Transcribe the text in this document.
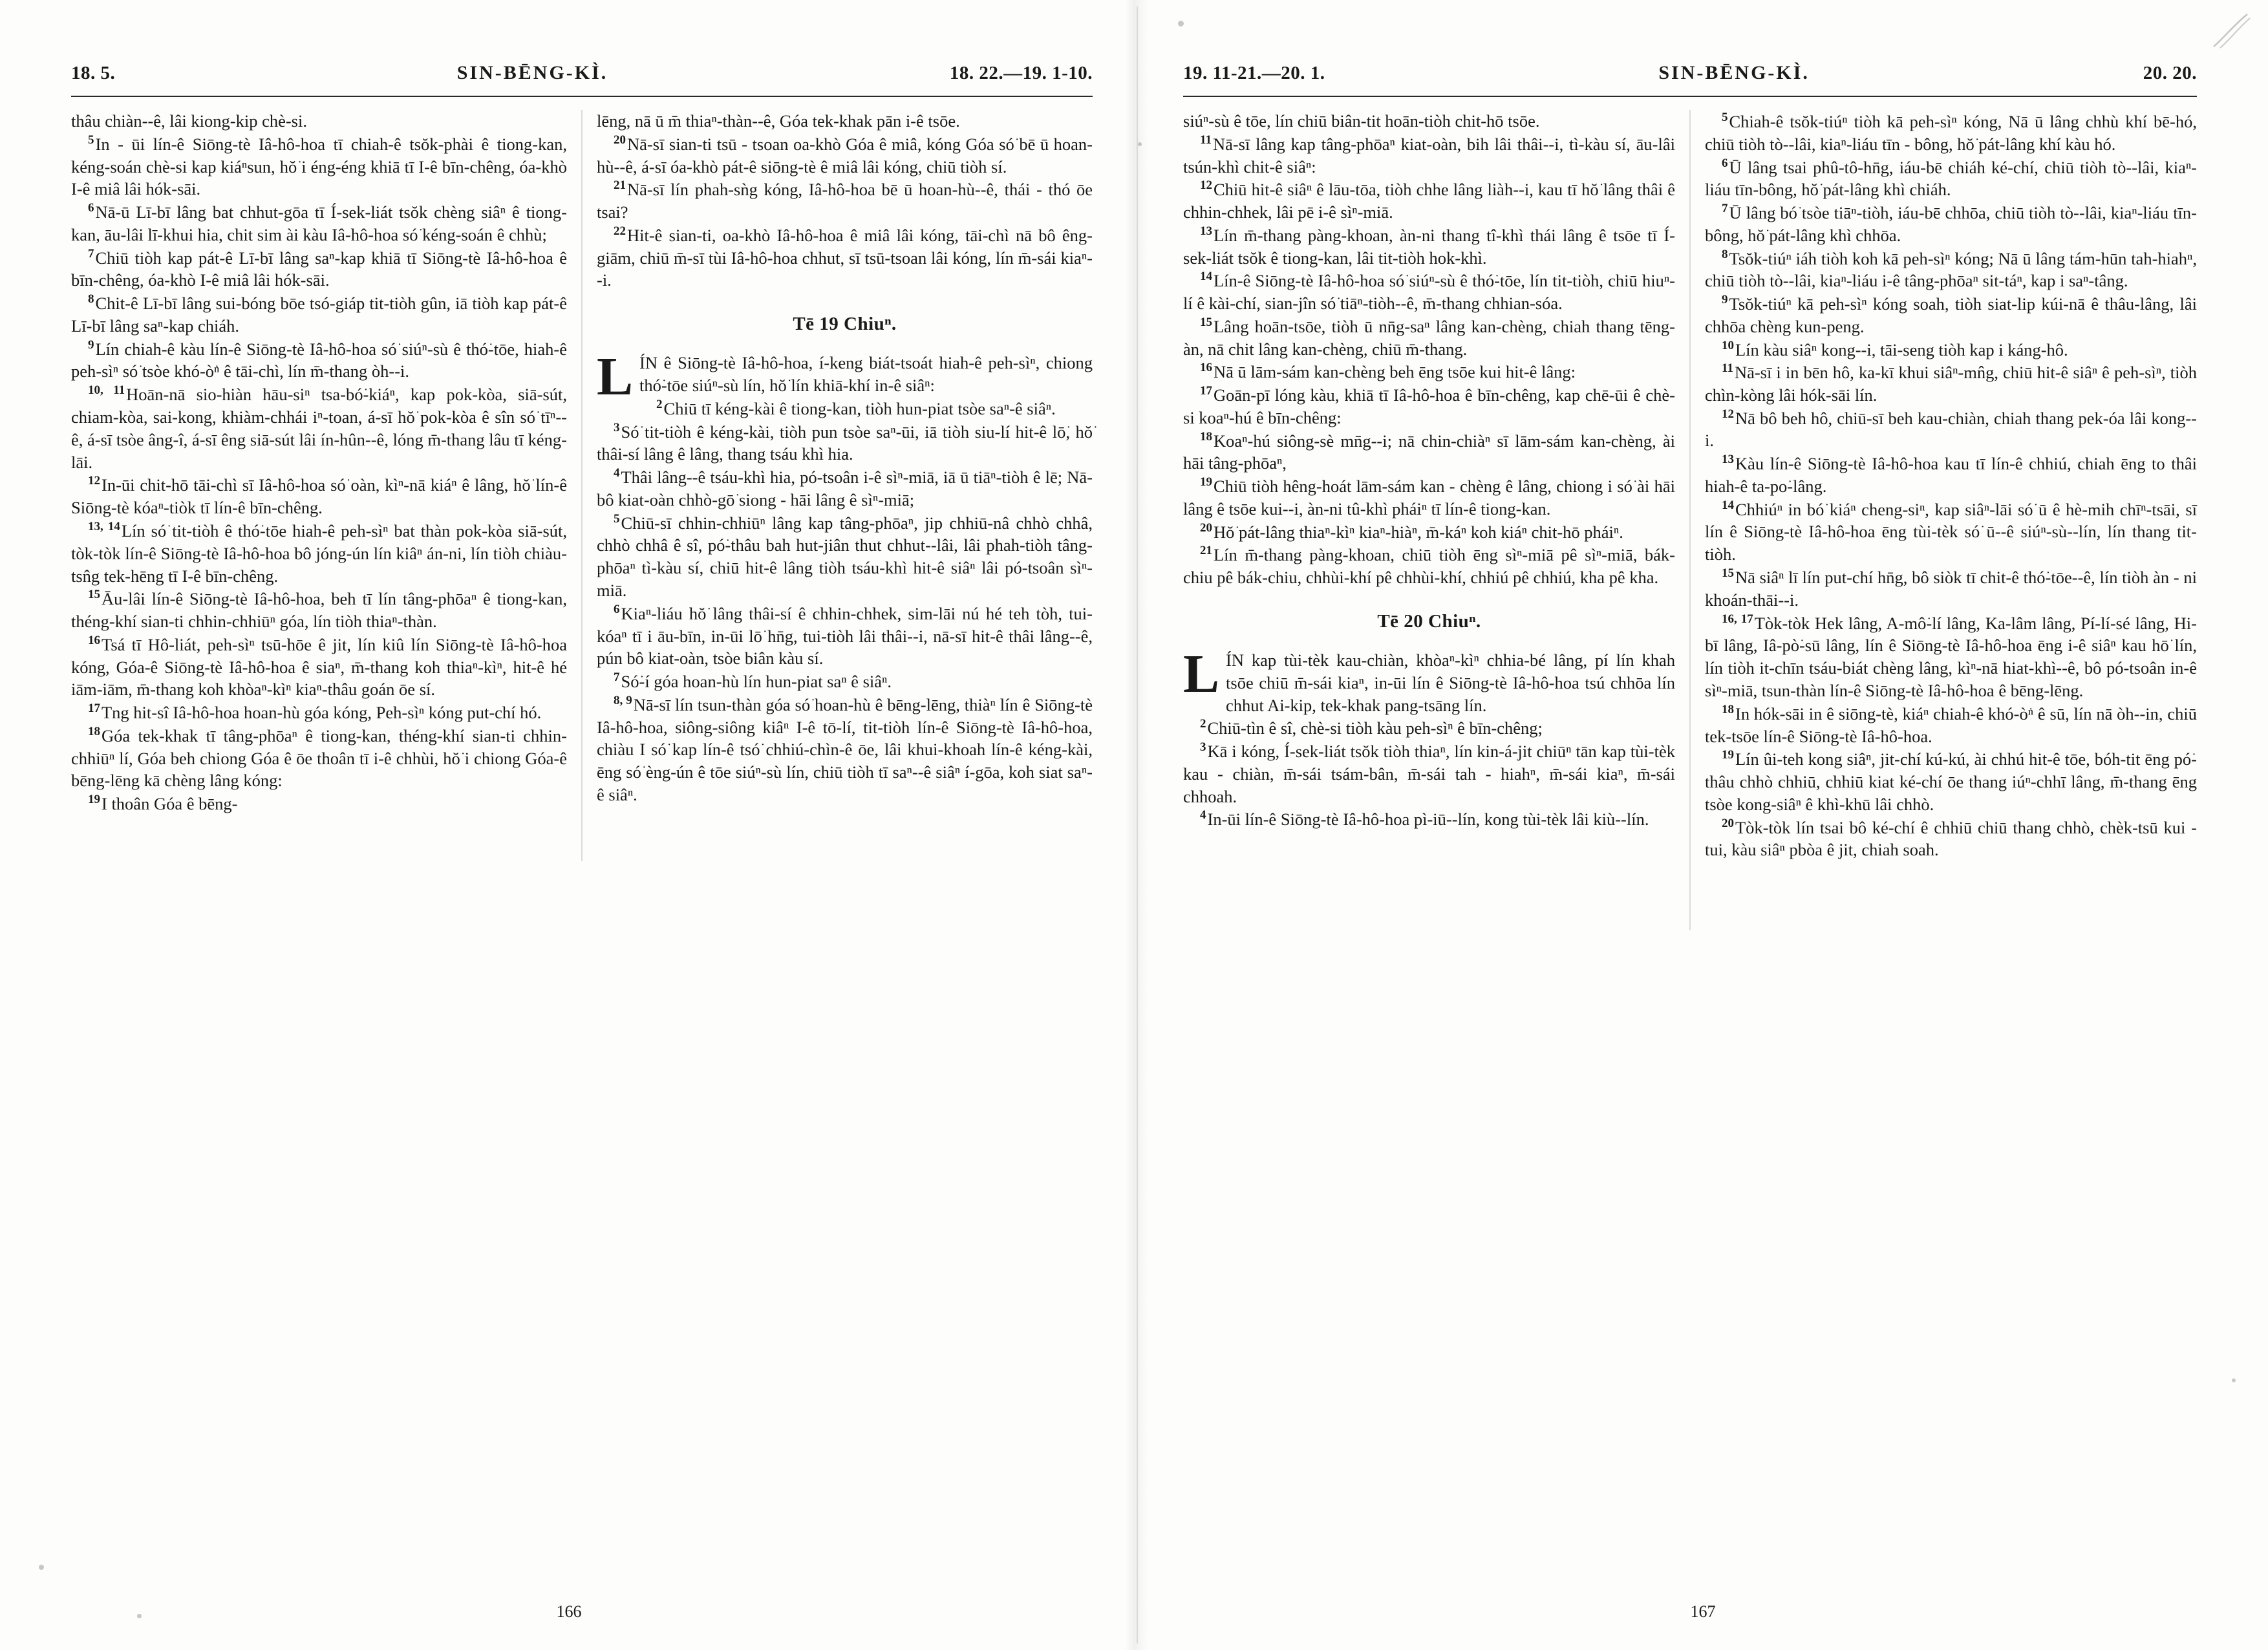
18. 5.	SIN-BĒNG-KÌ.	18. 22.—19. 1-10.

thâu chiàn--ê, lâi kiong-kip chè-si.

$^5$In - ūi lín-ê Siōng-tè Iâ-hô-hoa tī chiah-ê tsŏk-phài ê tiong-kan, kéng-soán chè-si kap kiáⁿsun, hŏ͘ i éng-éng khiā tī I-ê bīn-chêng, óa-khò I-ê miâ lâi hók-sāi.

$^6$Nā-ū Lī-bī lâng bat chhut-gōa tī Í-sek-liát tsŏk chèng siâⁿ ê tiong-kan, āu-lâi lī-khui hia, chit sim ài kàu Iâ-hô-hoa só͘ kéng-soán ê chhù;

$^7$Chiū tiòh kap pát-ê Lī-bī lâng saⁿ-kap khiā tī Siōng-tè Iâ-hô-hoa ê bīn-chêng, óa-khò I-ê miâ lâi hók-sāi.

$^8$Chit-ê Lī-bī lâng sui-bóng bōe tsó-giáp tit-tiòh gûn, iā tiòh kap pát-ê Lī-bī lâng saⁿ-kap chiáh.

$^9$Lín chiah-ê kàu lín-ê Siōng-tè Iâ-hô-hoa só͘ siúⁿ-sù ê thó͘-tōe, hiah-ê peh-sìⁿ só͘ tsòe khó-ò͘ⁿ ê tāi-chì, lín m̄-thang òh--i.

$^{10, 11}$Hoān-nā sio-hiàn hāu-siⁿ tsa-bó͘-kiáⁿ, kap pok-kòa, siā-sút, chiam-kòa, sai-kong, khiàm-chhái iⁿ-toan, á-sī hŏ͘ pok-kòa ê sîn só͘ tīⁿ--ê, á-sī tsòe âng-î, á-sī êng siā-sút lâi ín-hûn--ê, lóng m̄-thang lâu tī kéng-lāi.

$^{12}$In-ūi chit-hō tāi-chì sī Iâ-hô-hoa só͘ oàn, kìⁿ-nā kiáⁿ ê lâng, hŏ͘ lín-ê Siōng-tè kóaⁿ-tiòk tī lín-ê bīn-chêng.

$^{13, 14}$Lín só͘ tit-tiòh ê thó͘-tōe hiah-ê peh-sìⁿ bat thàn pok-kòa siā-sút, tòk-tòk lín-ê Siōng-tè Iâ-hô-hoa bô jóng-ún lín kiâⁿ án-ni, lín tiòh chiàu-tsn̂g tek-hēng tī I-ê bīn-chêng.

$^{15}$Āu-lâi lín-ê Siōng-tè Iâ-hô-hoa, beh tī lín tâng-phōaⁿ ê tiong-kan, théng-khí sian-ti chhin-chhiūⁿ góa, lín tiòh thiaⁿ-thàn.

$^{16}$Tsá tī Hô-liát, peh-sìⁿ tsū-hōe ê jit, lín kiû lín Siōng-tè Iâ-hô-hoa kóng, Góa-ê Siōng-tè Iâ-hô-hoa ê siaⁿ, m̄-thang koh thiaⁿ-kìⁿ, hit-ê hé iām-iām, m̄-thang koh khòaⁿ-kìⁿ kiaⁿ-thâu goán ōe sí.

$^{17}$Tng hit-sî Iâ-hô-hoa hoan-hù góa kóng, Peh-sìⁿ kóng put-chí hó.

$^{18}$Góa tek-khak tī tâng-phōaⁿ ê tiong-kan, théng-khí sian-ti chhin-chhiūⁿ lí, Góa beh chiong Góa ê ōe thoân tī i-ê chhùi, hŏ͘ i chiong Góa-ê bēng-lēng kā chèng lâng kóng:

$^{19}$I thoân Góa ê bēng-

lēng, nā ū m̄ thiaⁿ-thàn--ê, Góa tek-khak pān i-ê tsōe.

$^{20}$Nā-sī sian-ti tsū - tsoan oa-khò Góa ê miâ, kóng Góa só͘ bē ū hoan-hù--ê, á-sī óa-khò pát-ê siōng-tè ê miâ lâi kóng, chiū tiòh sí.

$^{21}$Nā-sī lín phah-sǹg kóng, Iâ-hô-hoa bē ū hoan-hù--ê, thái - thó ōe tsai?

$^{22}$Hit-ê sian-ti, oa-khò Iâ-hô-hoa ê miâ lâi kóng, tāi-chì nā bô êng-giām, chiū m̄-sī tùi Iâ-hô-hoa chhut, sī tsū-tsoan lâi kóng, lín m̄-sái kiaⁿ--i.

Tē 19 Chiuⁿ.

LÍN ê Siōng-tè Iâ-hô-hoa, í-keng biát-tsoát hiah-ê peh-sìⁿ, chiong thó͘-tōe siúⁿ-sù lín, hŏ͘ lín khiā-khí in-ê siâⁿ:

$^2$Chiū tī kéng-kài ê tiong-kan, tiòh hun-piat tsòe saⁿ-ê siâⁿ.

$^3$Só͘ tit-tiòh ê kéng-kài, tiòh pun tsòe saⁿ-ūi, iā tiòh siu-lí hit-ê lō͘, hŏ͘ thâi-sí lâng ê lâng, thang tsáu khì hia.

$^4$Thâi lâng--ê tsáu-khì hia, pó-tsoân i-ê sìⁿ-miā, iā ū tiāⁿ-tiòh ê lē; Nā-bô kiat-oàn chhò-gō͘ siong - hāi lâng ê sìⁿ-miā;

$^5$Chiū-sī chhin-chhiūⁿ lâng kap tâng-phōaⁿ, jip chhiū-nâ chhò chhâ, chhò chhâ ê sî, pó͘-thâu bah hut-jiân thut chhut--lâi, lâi phah-tiòh tâng-phōaⁿ tì-kàu sí, chiū hit-ê lâng tiòh tsáu-khì hit-ê siâⁿ lâi pó-tsoân sìⁿ-miā.

$^6$Kiaⁿ-liáu hŏ͘ lâng thâi-sí ê chhin-chhek, sim-lāi nú hé teh tòh, tui-kóaⁿ tī i āu-bīn, in-ūi lō͘ hn̄g, tui-tiòh lâi thâi--i, nā-sī hit-ê thâi lâng--ê, pún bô kiat-oàn, tsòe biân kàu sí.

$^7$Só͘-í góa hoan-hù lín hun-piat saⁿ ê siâⁿ.

$^{8, 9}$Nā-sī lín tsun-thàn góa só͘ hoan-hù ê bēng-lēng, thiàⁿ lín ê Siōng-tè Iâ-hô-hoa, siông-siông kiâⁿ I-ê tō-lí, tit-tiòh lín-ê Siōng-tè Iâ-hô-hoa, chiàu I só͘ kap lín-ê tsó͘ chhiú-chìn-ê ōe, lâi khui-khoah lín-ê kéng-kài, ēng só͘ èng-ún ê tōe siúⁿ-sù lín, chiū tiòh tī saⁿ--ê siâⁿ í-gōa, koh siat saⁿ-ê siâⁿ.

166
19. 11-21.—20. 1.	SIN-BĒNG-KÌ.	20. 20.

siúⁿ-sù ê tōe, lín chiū biân-tit hoān-tiòh chit-hō tsōe.

$^{11}$Nā-sī lâng kap tâng-phōaⁿ kiat-oàn, bih lâi thâi--i, tì-kàu sí, āu-lâi tsún-khì chit-ê siâⁿ:

$^{12}$Chiū hit-ê siâⁿ ê lāu-tōa, tiòh chhe lâng liàh--i, kau tī hŏ͘ lâng thâi ê chhin-chhek, lâi pē i-ê sìⁿ-miā.

$^{13}$Lín m̄-thang pàng-khoan, àn-ni thang tî-khì thái lâng ê tsōe tī Í-sek-liát tsŏk ê tiong-kan, lâi tit-tiòh hok-khì.

$^{14}$Lín-ê Siōng-tè Iâ-hô-hoa só͘ siúⁿ-sù ê thó͘-tōe, lín tit-tiòh, chiū hiuⁿ-lí ê kài-chí, sian-jîn só͘ tiāⁿ-tiòh--ê, m̄-thang chhian-sóa.

$^{15}$Lâng hoān-tsōe, tiòh ū nn̄g-saⁿ lâng kan-chèng, chiah thang tēng-àn, nā chit lâng kan-chèng, chiū m̄-thang.

$^{16}$Nā ū lām-sám kan-chèng beh ēng tsōe kui hit-ê lâng:

$^{17}$Goān-pī lóng kàu, khiā tī Iâ-hô-hoa ê bīn-chêng, kap chē-ūi ê chè-si koaⁿ-hú ê bīn-chêng:

$^{18}$Koaⁿ-hú siông-sè mn̄g--i; nā chin-chiàⁿ sī lām-sám kan-chèng, ài hāi tâng-phōaⁿ,

$^{19}$Chiū tiòh hêng-hoát lām-sám kan - chèng ê lâng, chiong i só͘ ài hāi lâng ê tsōe kui--i, àn-ni tû-khì pháiⁿ tī lín-ê tiong-kan.

$^{20}$Hŏ͘ pát-lâng thiaⁿ-kìⁿ kiaⁿ-hiàⁿ, m̄-káⁿ koh kiáⁿ chit-hō pháiⁿ.

$^{21}$Lín m̄-thang pàng-khoan, chiū tiòh ēng sìⁿ-miā pê sìⁿ-miā, bák-chiu pê bák-chiu, chhùi-khí pê chhùi-khí, chhiú pê chhiú, kha pê kha.

Tē 20 Chiuⁿ.

LÍN kap tùi-tèk kau-chiàn, khòaⁿ-kìⁿ chhia-bé lâng, pí lín khah tsōe chiū m̄-sái kiaⁿ, in-ūi lín ê Siōng-tè Iâ-hô-hoa tsú chhōa lín chhut Ai-kip, tek-khak pang-tsāng lín.

$^2$Chiū-tìn ê sî, chè-si tiòh kàu peh-sìⁿ ê bīn-chêng;

$^3$Kā i kóng, Í-sek-liát tsŏk tiòh thiaⁿ, lín kin-á-jit chiūⁿ tān kap tùi-tèk kau - chiàn, m̄-sái tsám-bân, m̄-sái tah - hiahⁿ, m̄-sái kiaⁿ, m̄-sái chhoah.

$^4$In-ūi lín-ê Siōng-tè Iâ-hô-hoa pì-iū--lín, kong tùi-tèk lâi kiù--lín.

$^5$Chiah-ê tsŏk-tiúⁿ tiòh kā peh-sìⁿ kóng, Nā ū lâng chhù khí bē-hó, chiū tiòh tò--lâi, kiaⁿ-liáu tīn - bông, hŏ͘ pát-lâng khí kàu hó.

$^6$Ū lâng tsai phû-tô-hn̄g, iáu-bē chiáh ké-chí, chiū tiòh tò--lâi, kiaⁿ-liáu tīn-bông, hŏ͘ pát-lâng khì chiáh.

$^7$Ū lâng bó͘ tsòe tiāⁿ-tiòh, iáu-bē chhōa, chiū tiòh tò--lâi, kiaⁿ-liáu tīn-bông, hŏ͘ pát-lâng khì chhōa.

$^8$Tsŏk-tiúⁿ iáh tiòh koh kā peh-sìⁿ kóng; Nā ū lâng tám-hūn tah-hiahⁿ, chiū tiòh tò--lâi, kiaⁿ-liáu i-ê tâng-phōaⁿ sit-táⁿ, kap i saⁿ-tâng.

$^9$Tsŏk-tiúⁿ kā peh-sìⁿ kóng soah, tiòh siat-lip kúi-nā ê thâu-lâng, lâi chhōa chèng kun-peng.

$^{10}$Lín kàu siâⁿ kong--i, tāi-seng tiòh kap i káng-hô.

$^{11}$Nā-sī i in bēn hô, ka-kī khui siâⁿ-mn̂g, chiū hit-ê siâⁿ ê peh-sìⁿ, tiòh chìn-kòng lâi hók-sāi lín.

$^{12}$Nā bô beh hô, chiū-sī beh kau-chiàn, chiah thang pek-óa lâi kong--i.

$^{13}$Kàu lín-ê Siōng-tè Iâ-hô-hoa kau tī lín-ê chhiú, chiah ēng to thâi hiah-ê ta-po͘-lâng.

$^{14}$Chhiúⁿ in bó͘ kiáⁿ cheng-siⁿ, kap siâⁿ-lāi só͘ ū ê hè-mih chīⁿ-tsāi, sī lín ê Siōng-tè Iâ-hô-hoa ēng tùi-tèk só͘ ū--ê siúⁿ-sù--lín, lín thang tit-tiòh.

$^{15}$Nā siâⁿ lī lín put-chí hn̄g, bô siòk tī chit-ê thó͘-tōe--ê, lín tiòh àn - ni khoán-thāi--i.

$^{16, 17}$Tòk-tòk Hek lâng, A-mô͘-lí lâng, Ka-lâm lâng, Pí-lí-sé lâng, Hi-bī lâng, Iâ-pò͘-sū lâng, lín ê Siōng-tè Iâ-hô-hoa ēng i-ê siâⁿ kau hō͘ lín, lín tiòh it-chīn tsáu-biát chèng lâng, kìⁿ-nā hiat-khì--ê, bô pó-tsoân in-ê sìⁿ-miā, tsun-thàn lín-ê Siōng-tè Iâ-hô-hoa ê bēng-lēng.

$^{18}$In hók-sāi in ê siōng-tè, kiáⁿ chiah-ê khó-ò͘ⁿ ê sū, lín nā òh--in, chiū tek-tsōe lín-ê Siōng-tè Iâ-hô-hoa.

$^{19}$Lín ûi-teh kong siâⁿ, jit-chí kú-kú, ài chhú hit-ê tōe, bóh-tit ēng pó͘-thâu chhò chhiū, chhiū kiat ké-chí ōe thang iúⁿ-chhī lâng, m̄-thang ēng tsòe kong-siâⁿ ê khì-khū lâi chhò.

$^{20}$Tòk-tòk lín tsai bô ké-chí ê chhiū chiū thang chhò, chèk-tsū kui - tui, kàu siâⁿ pbòa ê jit, chiah soah.

167
